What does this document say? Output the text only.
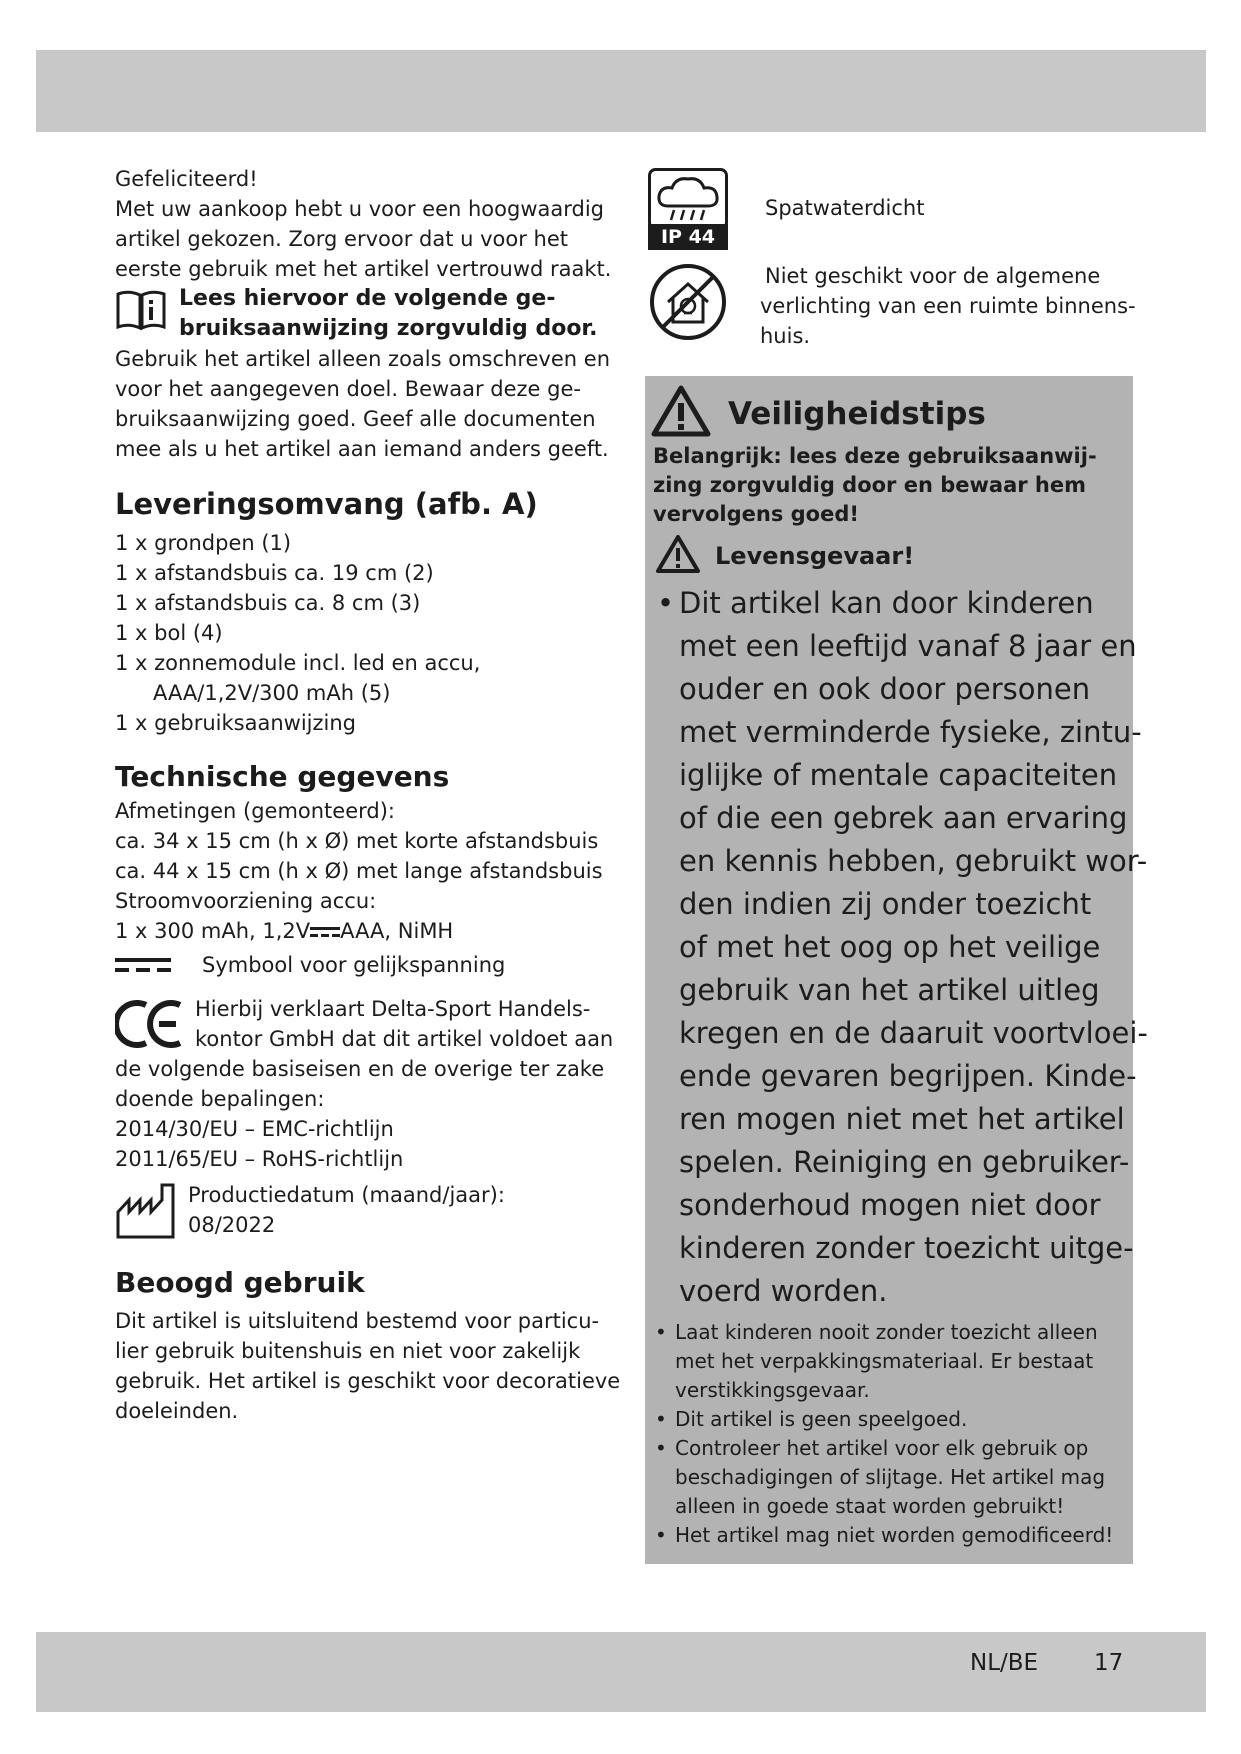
Gefeliciteerd!
Met uw aankoop hebt u voor een hoogwaardig
artikel gekozen. Zorg ervoor dat u voor het
eerste gebruik met het artikel vertrouwd raakt.
Lees hiervoor de volgende ge-
bruiksaanwijzing zorgvuldig door.
Gebruik het artikel alleen zoals omschreven en
voor het aangegeven doel. Bewaar deze ge-
bruiksaanwijzing goed. Geef alle documenten
mee als u het artikel aan iemand anders geeft.
Leveringsomvang (afb. A)
1 x grondpen (1)
1 x afstandsbuis ca. 19 cm (2)
1 x afstandsbuis ca. 8 cm (3)
1 x bol (4)
1 x zonnemodule incl. led en accu,
AAA/1,2V/300 mAh (5)
1 x gebruiksaanwijzing
Technische gegevens
Afmetingen (gemonteerd):
ca. 34 x 15 cm (h x Ø) met korte afstandsbuis
ca. 44 x 15 cm (h x Ø) met lange afstandsbuis
Stroomvoorziening accu:
1 x 300 mAh, 1,2V AAA, NiMH
Symbool voor gelijkspanning
Hierbij verklaart Delta-Sport Handels-
kontor GmbH dat dit artikel voldoet aan
de volgende basiseisen en de overige ter zake
doende bepalingen:
2014/30/EU – EMC-richtlijn
2011/65/EU – RoHS-richtlijn
Productiedatum (maand/jaar):
08/2022
Beoogd gebruik
Dit artikel is uitsluitend bestemd voor particu-
lier gebruik buitenshuis en niet voor zakelijk
gebruik. Het artikel is geschikt voor decoratieve
doeleinden.
IP 44
Spatwaterdicht
Niet geschikt voor de algemene
verlichting van een ruimte binnens-
huis.
Veiligheidstips
Belangrijk: lees deze gebruiksaanwij-
zing zorgvuldig door en bewaar hem
vervolgens goed!
Levensgevaar!
• Dit artikel kan door kinderen
met een leeftijd vanaf 8 jaar en
ouder en ook door personen
met verminderde fysieke, zintu-
iglijke of mentale capaciteiten
of die een gebrek aan ervaring
en kennis hebben, gebruikt wor-
den indien zij onder toezicht
of met het oog op het veilige
gebruik van het artikel uitleg
kregen en de daaruit voortvloei-
ende gevaren begrijpen. Kinde-
ren mogen niet met het artikel
spelen. Reiniging en gebruiker-
sonderhoud mogen niet door
kinderen zonder toezicht uitge-
voerd worden.
• Laat kinderen nooit zonder toezicht alleen
met het verpakkingsmateriaal. Er bestaat
verstikkingsgevaar.
• Dit artikel is geen speelgoed.
• Controleer het artikel voor elk gebruik op
beschadigingen of slijtage. Het artikel mag
alleen in goede staat worden gebruikt!
• Het artikel mag niet worden gemodificeerd!
NL/BE 17
